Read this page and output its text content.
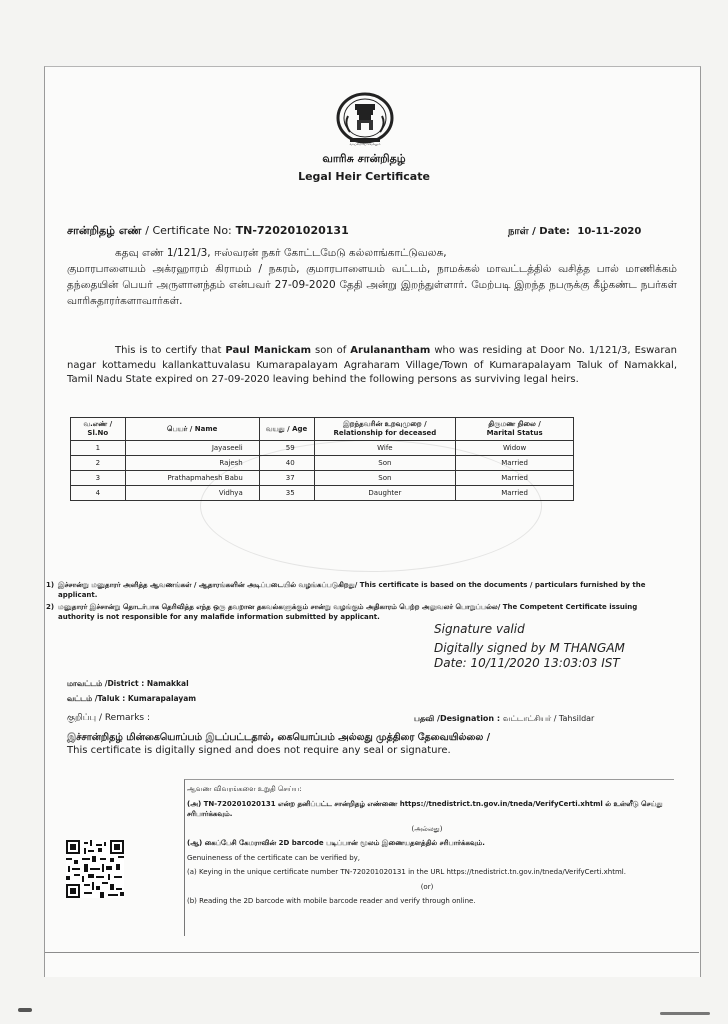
வாய்மையே வெல்லும்
வாரிசு சான்றிதழ்
Legal Heir Certificate
சான்றிதழ் எண் / Certificate No: TN-720201020131	நாள் / Date: 10-11-2020
கதவு எண் 1/121/3, ஈஸ்வரன் நகர் கோட்டமேடு கல்லாங்காட்டுவலசு,
குமாரபாளையம் அக்ரஹாரம் கிராமம் / நகரம், குமாரபாளையம் வட்டம், நாமக்கல் மாவட்டத்தில் வசித்த பால் மாணிக்கம் தந்தையின் பெயர் அருளானந்தம் என்பவர் 27-09-2020 தேதி அன்று இறந்துள்ளார். மேற்படி இறந்த நபருக்கு கீழ்கண்ட நபர்கள் வாரிசுதாரர்களாவார்கள்.
This is to certify that Paul Manickam son of Arulanantham who was residing at Door No. 1/121/3, Eswaran nagar kottamedu kallankattuvalasu Kumarapalayam Agraharam Village/Town of Kumarapalayam Taluk of Namakkal, Tamil Nadu State expired on 27-09-2020 leaving behind the following persons as surviving legal heirs.
வ.எண் /
Sl.No	பெயர் / Name	வயது / Age	இறந்தவரின் உறவுமுறை /
Relationship for deceased	திருமண நிலை /
Marital Status
1	Jayaseeli	59	Wife	Widow
2	Rajesh	40	Son	Married
3	Prathapmahesh Babu	37	Son	Married
4	Vidhya	35	Daughter	Married
1) இச்சான்று மனுதாரர் அளித்த ஆவணங்கள் / ஆதாரங்களின் அடிப்படையில் வழங்கப்படுகிறது/ This certificate is based on the documents / particulars furnished by the applicant.
2) மனுதாரர் இச்சான்று தொடர்பாக தெரிவித்த எந்த ஒரு தவறான தகவல்களுக்கும் சான்று வழங்கும் அதிகாரம் பெற்ற அலுவலர் பொறுப்பல்ல/ The Competent Certificate issuing authority is not responsible for any malafide information submitted by applicant.
Signature valid
Digitally signed by M THANGAM
Date: 10/11/2020 13:03:03 IST
மாவட்டம் /District : Namakkal
வட்டம் /Taluk : Kumarapalayam
குறிப்பு / Remarks :	பதவி /Designation : வட்டாட்சியர் / Tahsildar
இச்சான்றிதழ் மின்கையொப்பம் இடப்பட்டதால், கையொப்பம் அல்லது முத்திரை தேவையில்லை /
This certificate is digitally signed and does not require any seal or signature.

ஆவண விவரங்களை உறுதி செய்ய:

(அ) TN-720201020131 என்ற தனிப்பட்ட சான்றிதழ் எண்ணை https://tnedistrict.tn.gov.in/tneda/VerifyCerti.xhtml ல் உள்ளீடு செய்து சரிபார்க்கவும்.

(அல்லது)

(ஆ) கைப்பேசி கேமராவின் 2D barcode படிப்பான் மூலம் இணையதளத்தில் சரிபார்க்கவும்.

Genuineness of the certificate can be verified by,

(a) Keying in the unique certificate number TN-720201020131 in the URL https://tnedistrict.tn.gov.in/tneda/VerifyCerti.xhtml.

(or)

(b) Reading the 2D barcode with mobile barcode reader and verify through online.
